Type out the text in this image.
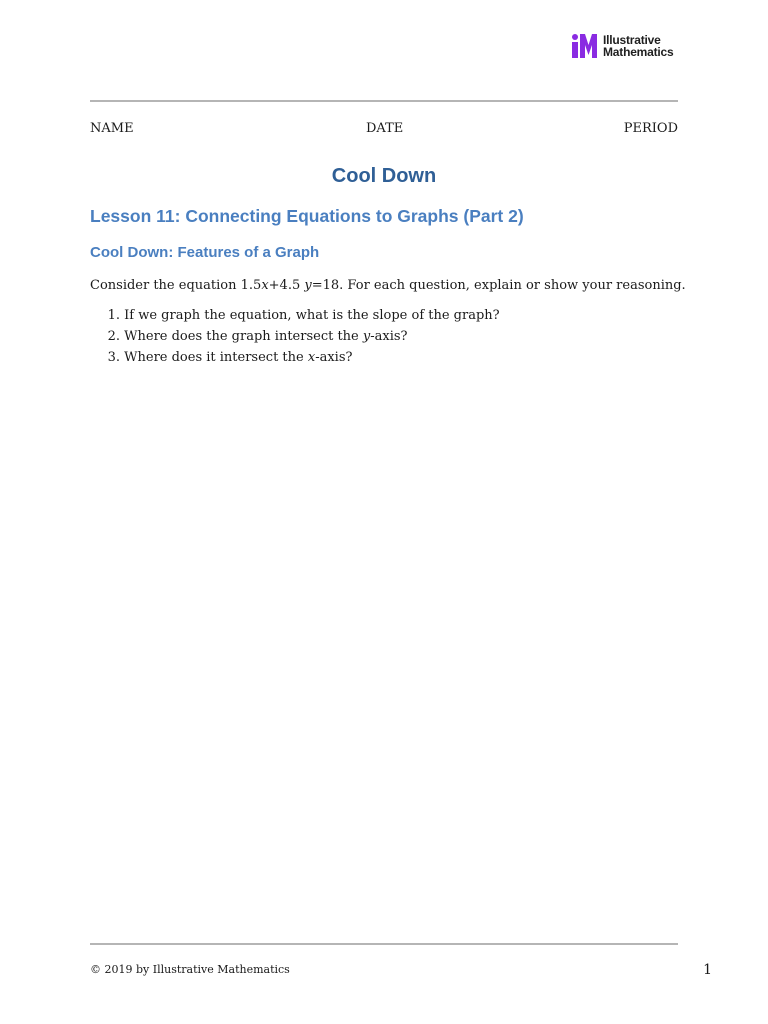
Illustrative
Mathematics
NAME	DATE	PERIOD
Cool Down
Lesson 11: Connecting Equations to Graphs (Part 2)
Cool Down: Features of a Graph
Consider the equation 1.5x+4.5 y=18. For each question, explain or show your reasoning.
1. If we graph the equation, what is the slope of the graph?
2. Where does the graph intersect the y-axis?
3. Where does it intersect the x-axis?
© 2019 by Illustrative Mathematics	1
